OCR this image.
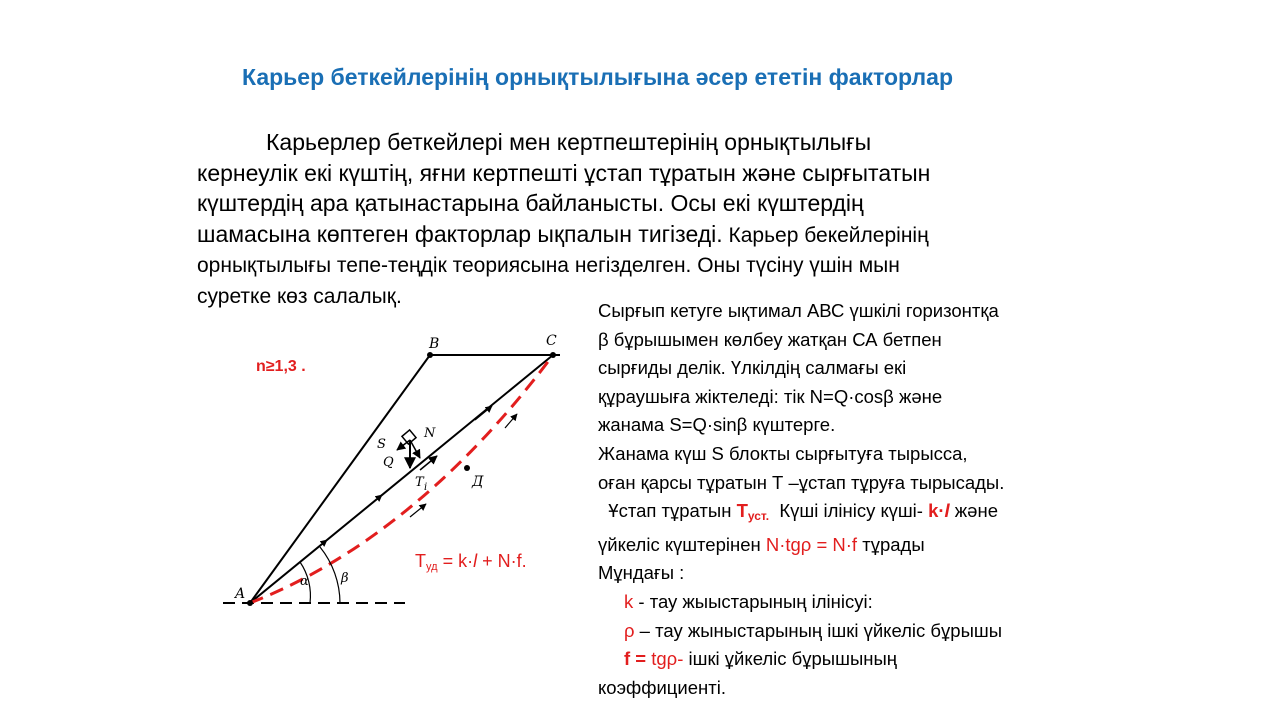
Карьер беткейлерінің орнықтылығына әсер ететін факторлар
Карьерлер беткейлері мен кертпештерінің орнықтылығы
кернеулік екі күштің, яғни кертпешті ұстап тұратын және сырғытатын
күштердің ара қатынастарына байланысты. Осы екі күштердің
шамасына көптеген факторлар ықпалын тигізеді. Карьер бекейлерінің
орнықтылығы тепе-теңдік теориясына негізделген. Оны түсіну үшін мын
суретке көз салалық.
n≥1,3 .
A
B	C
Д
S
Q
N
Т i
α β
$Т_{уд} = k\cdot l + N\cdot f$.
Сырғып кетуге ықтимал АВС үшкілі горизонтқа
β бұрышымен көлбеу жатқан СА бетпен
сырғиды делік. Үлкілдің салмағы екі
құраушыға жіктеледі: тік N=Q·cosβ және
жанама S=Q·sinβ күштерге.
Жанама күш S блокты сырғытуға тырысса,
оған қарсы тұратын Т –ұстап тұруға тырысады.
Ұстап тұратын $Т_{уст.}$  Күші ілінісу күші- k·l және
үйкеліс күштерінен N·tgρ = N·f тұрады
Мұндағы :
k - тау жыыстарының ілінісуі:
ρ – тау жыныстарының ішкі үйкеліс бұрышы
f = tgρ- ішкі ұйкеліс бұрышының
коэффициенті.
